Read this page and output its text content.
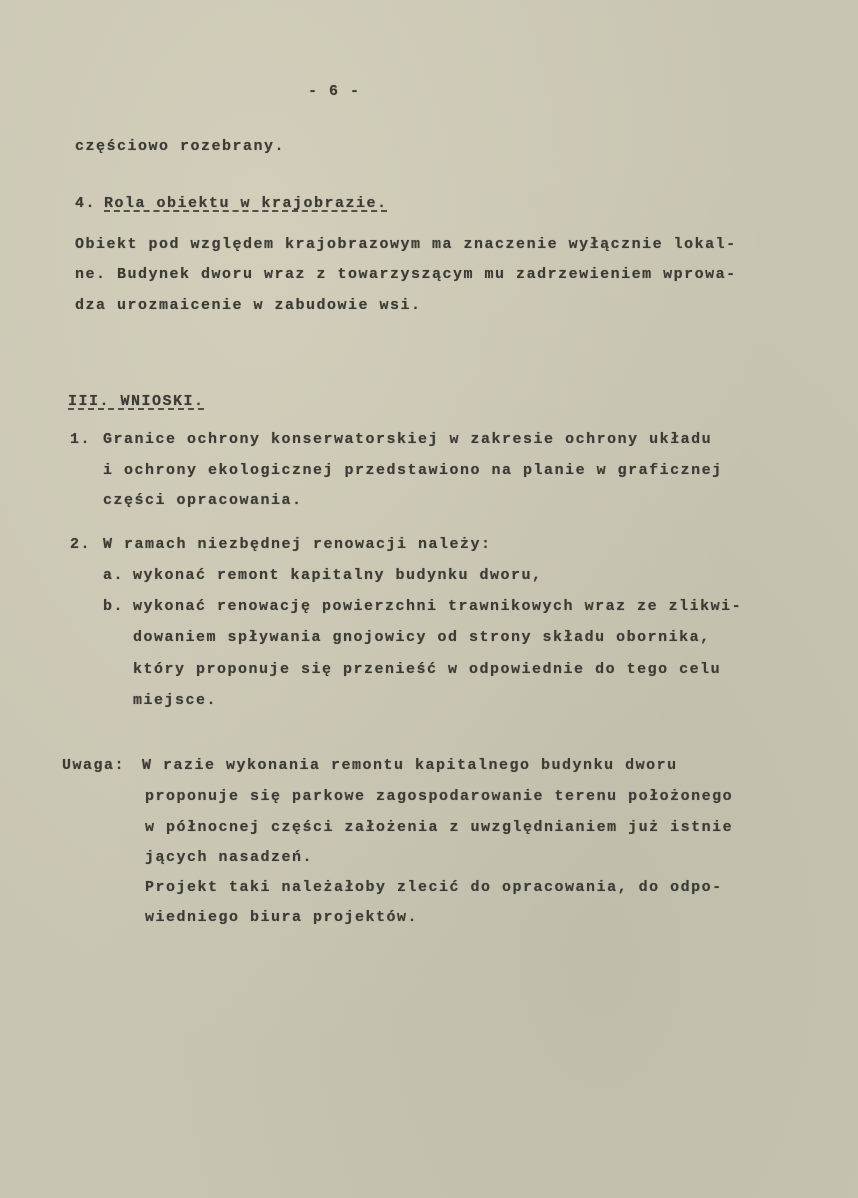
- 6 -
częściowo rozebrany.
4. Rola obiektu w krajobrazie.
Obiekt pod względem krajobrazowym ma znaczenie wyłącznie lokal-
ne. Budynek dworu wraz z towarzyszącym mu zadrzewieniem wprowa-
dza urozmaicenie w zabudowie wsi.
III. WNIOSKI.
1. Granice ochrony konserwatorskiej w zakresie ochrony układu
i ochrony ekologicznej przedstawiono na planie w graficznej
części opracowania.
2. W ramach niezbędnej renowacji należy:
a. wykonać remont kapitalny budynku dworu,
b. wykonać renowację powierzchni trawnikowych wraz ze zlikwi-
dowaniem spływania gnojowicy od strony składu obornika,
który proponuje się przenieść w odpowiednie do tego celu
miejsce.
Uwaga: W razie wykonania remontu kapitalnego budynku dworu
proponuje się parkowe zagospodarowanie terenu położonego
w północnej części założenia z uwzględnianiem już istnie
jących nasadzeń.
Projekt taki należałoby zlecić do opracowania, do odpo-
wiedniego biura projektów.
